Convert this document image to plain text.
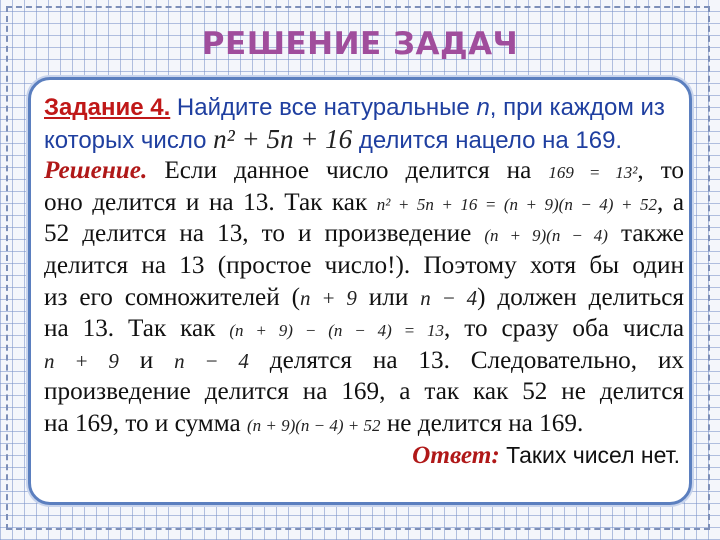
РЕШЕНИЕ ЗАДАЧ
Задание 4. Найдите все натуральные n, при каждом из
которых число n² + 5n + 16 делится нацело на 169.
Решение. Если данное число делится на 169 = 13², то
оно делится и на 13. Так как n² + 5n + 16 = (n + 9)(n − 4) + 52, а
52 делится на 13, то и произведение (n + 9)(n − 4) также
делится на 13 (простое число!). Поэтому хотя бы один
из его сомножителей (n + 9 или n − 4) должен делиться
на 13. Так как (n + 9) − (n − 4) = 13, то сразу оба числа
n + 9 и n − 4 делятся на 13. Следовательно, их
произведение делится на 169, а так как 52 не делится
на 169, то и сумма (n + 9)(n − 4) + 52 не делится на 169.
Ответ: Таких чисел нет.
